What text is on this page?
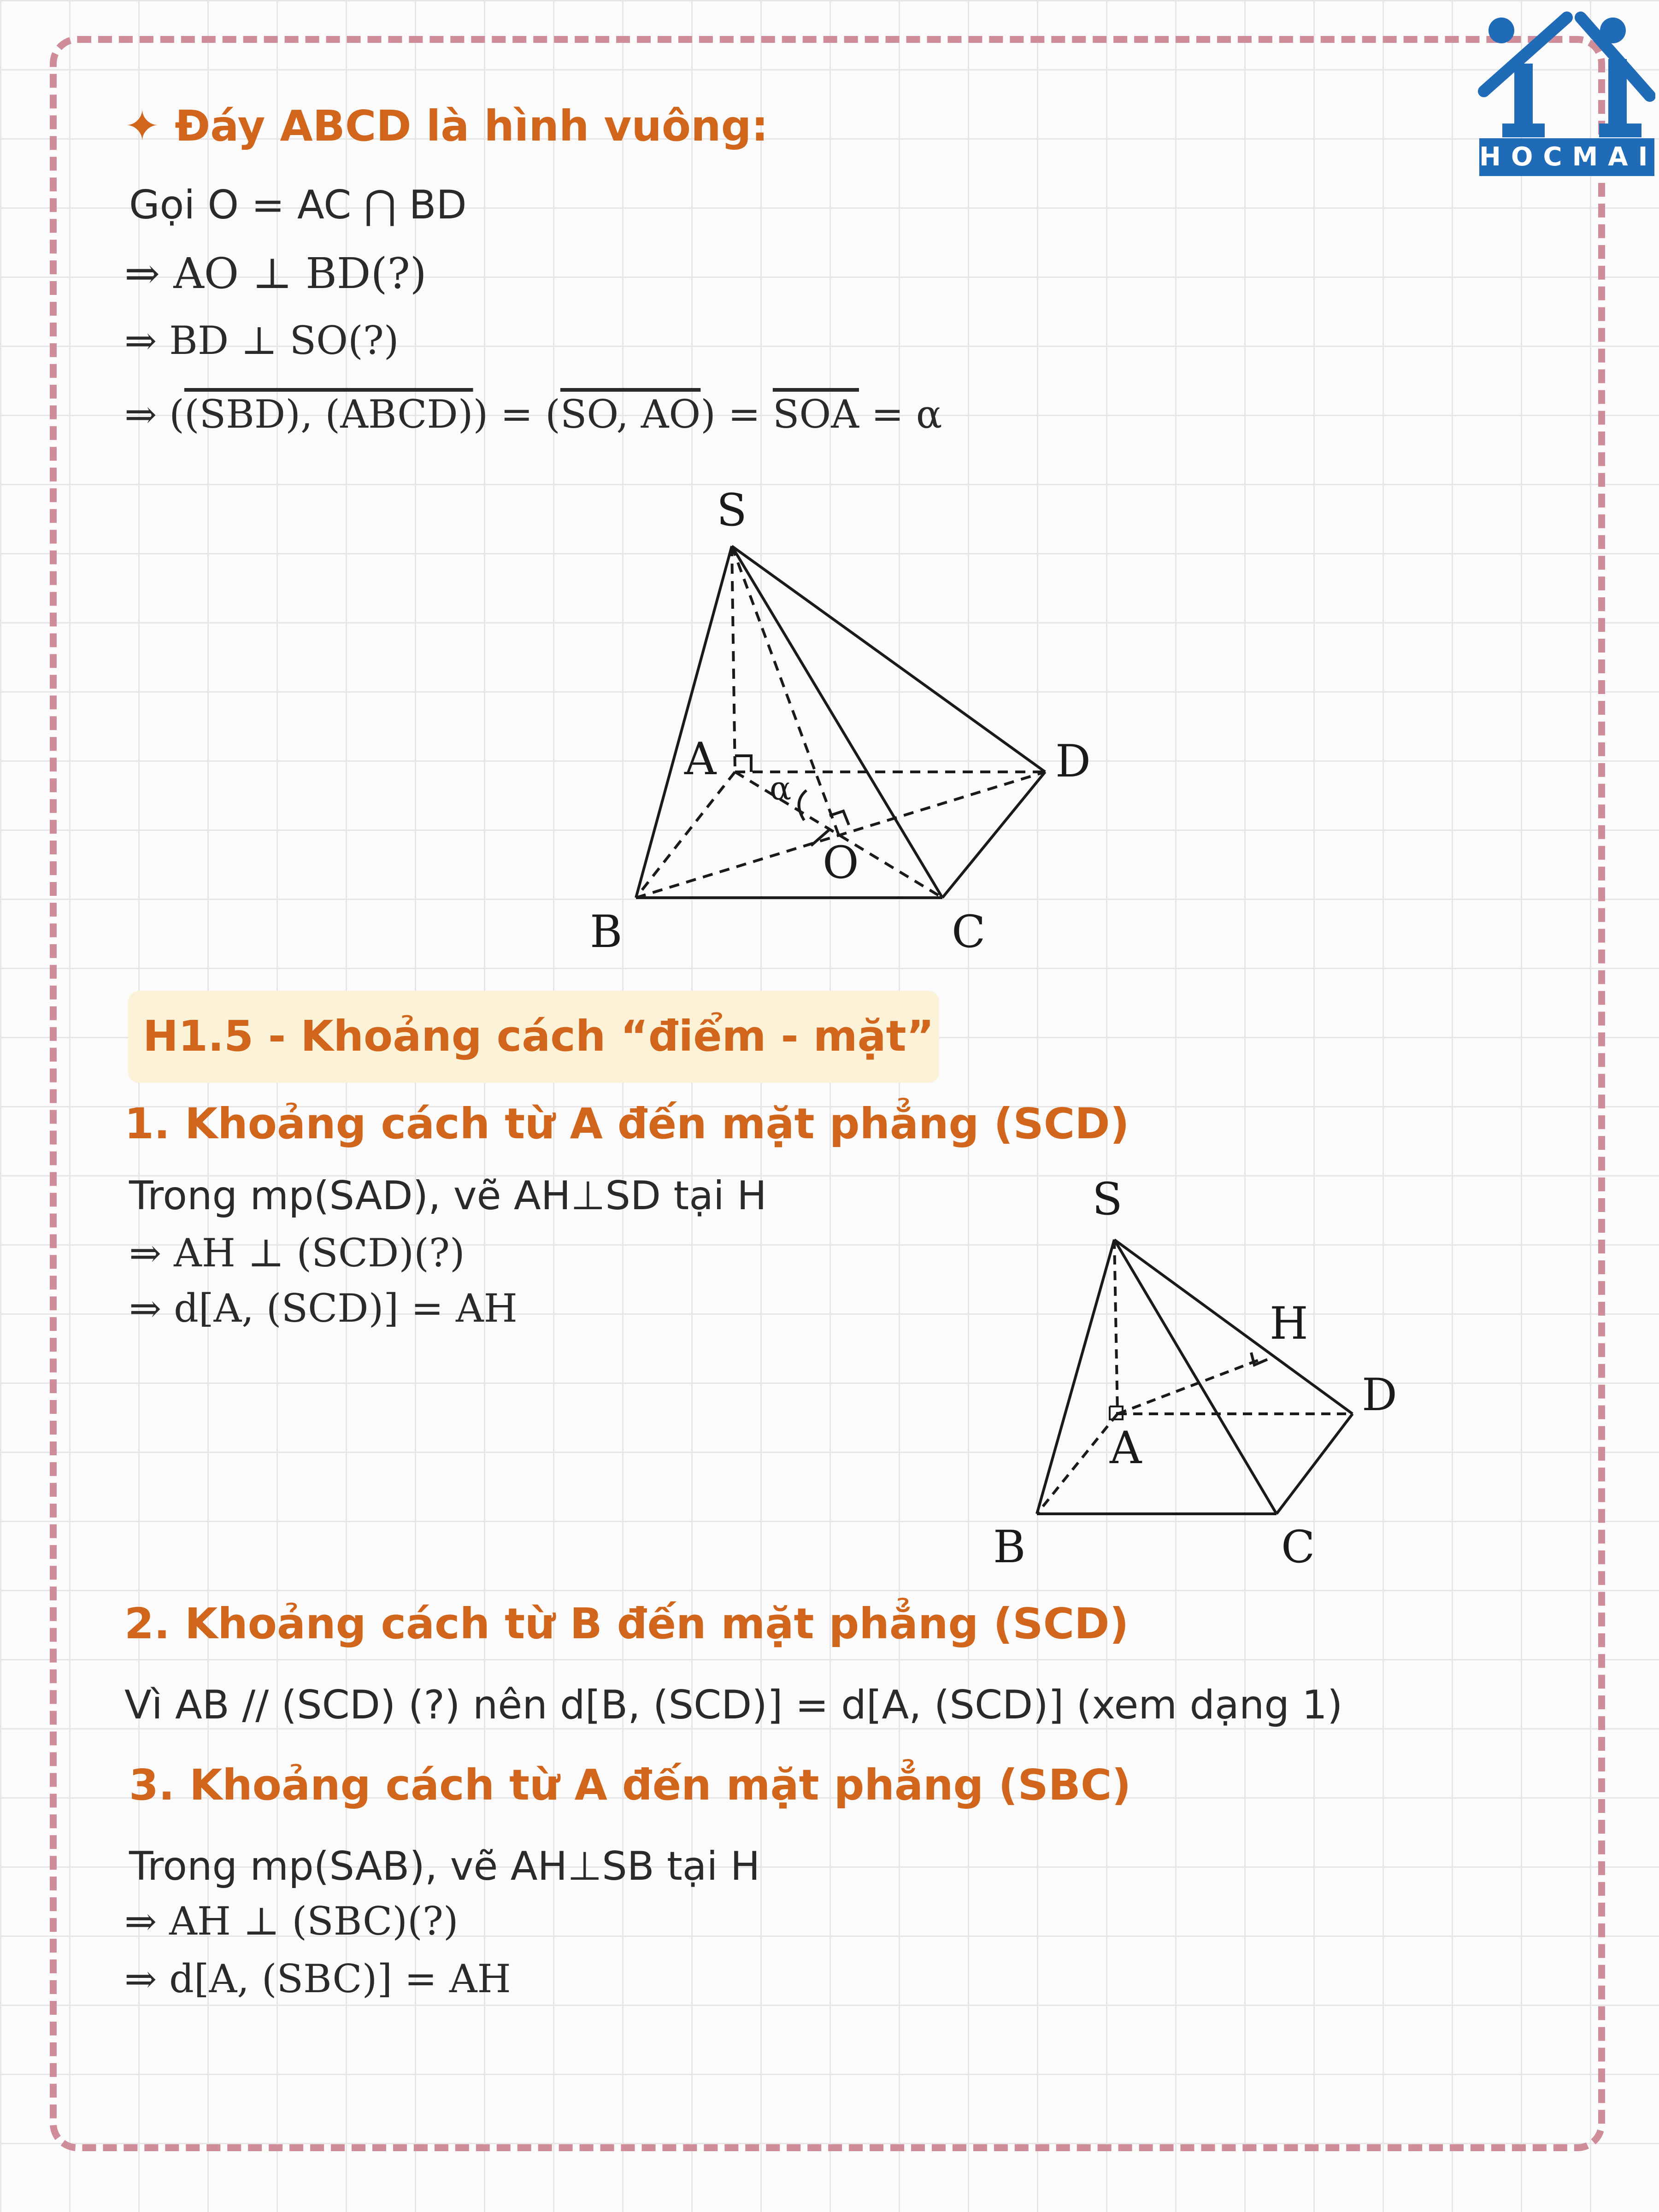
HOCMAI
✦ Đáy ABCD là hình vuông:
Gọi O = AC ⋂ BD
⇒ AO ⊥ BD(?)
⇒ BD ⊥ SO(?)
⇒ ((SBD), (ABCD)) = (SO, $AO) = \overline{SOA} = \alpha$
S
A
B	C
D
O
α
H1.5 - Khoảng cách “điểm - mặt”
1. Khoảng cách từ A đến mặt phẳng (SCD)
Trong mp(SAD), vẽ AH⊥SD tại H
⇒ AH ⊥ (SCD)(?)
⇒ d[A, (SCD)] = AH
S
H
D
A
B	C
2. Khoảng cách từ B đến mặt phẳng (SCD)
Vì AB // (SCD) (?) nên d[B, (SCD)] = d[A, (SCD)] (xem dạng 1)
3. Khoảng cách từ A đến mặt phẳng (SBC)
Trong mp(SAB), vẽ AH⊥SB tại H
⇒ AH ⊥ (SBC)(?)
⇒ d[A, (SBC)] = AH
